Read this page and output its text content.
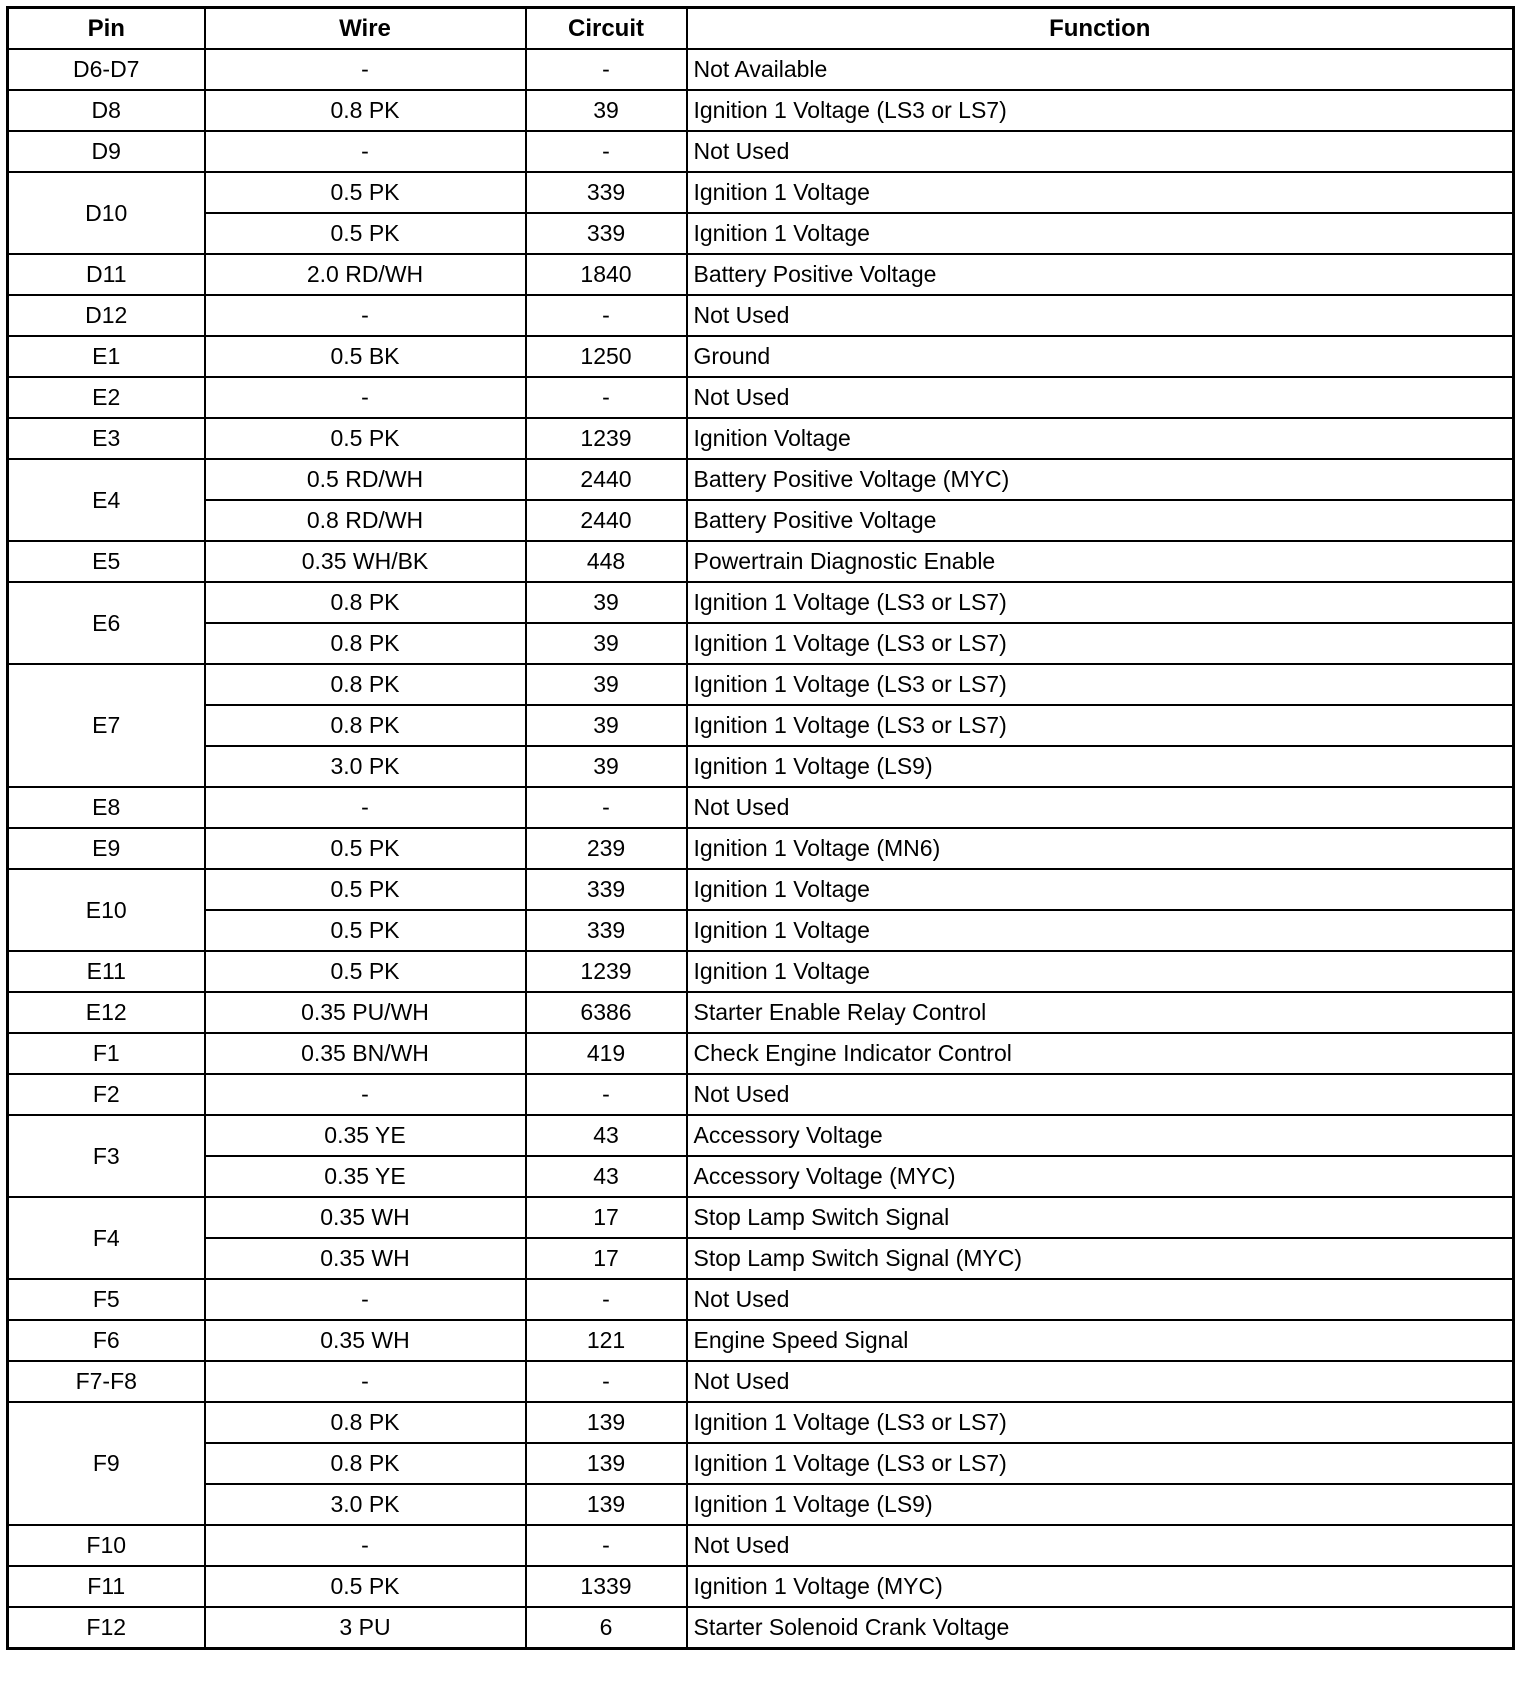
Pin	Wire	Circuit	Function
D6-D7	-	-	Not Available
D8	0.8 PK	39	Ignition 1 Voltage (LS3 or LS7)
D9	-	-	Not Used
D10	0.5 PK	339	Ignition 1 Voltage
	0.5 PK	339	Ignition 1 Voltage
D11	2.0 RD/WH	1840	Battery Positive Voltage
D12	-	-	Not Used
E1	0.5 BK	1250	Ground
E2	-	-	Not Used
E3	0.5 PK	1239	Ignition Voltage
E4	0.5 RD/WH	2440	Battery Positive Voltage (MYC)
	0.8 RD/WH	2440	Battery Positive Voltage
E5	0.35 WH/BK	448	Powertrain Diagnostic Enable
E6	0.8 PK	39	Ignition 1 Voltage (LS3 or LS7)
	0.8 PK	39	Ignition 1 Voltage (LS3 or LS7)
E7	0.8 PK	39	Ignition 1 Voltage (LS3 or LS7)
	0.8 PK	39	Ignition 1 Voltage (LS3 or LS7)
	3.0 PK	39	Ignition 1 Voltage (LS9)
E8	-	-	Not Used
E9	0.5 PK	239	Ignition 1 Voltage (MN6)
E10	0.5 PK	339	Ignition 1 Voltage
	0.5 PK	339	Ignition 1 Voltage
E11	0.5 PK	1239	Ignition 1 Voltage
E12	0.35 PU/WH	6386	Starter Enable Relay Control
F1	0.35 BN/WH	419	Check Engine Indicator Control
F2	-	-	Not Used
F3	0.35 YE	43	Accessory Voltage
	0.35 YE	43	Accessory Voltage (MYC)
F4	0.35 WH	17	Stop Lamp Switch Signal
	0.35 WH	17	Stop Lamp Switch Signal (MYC)
F5	-	-	Not Used
F6	0.35 WH	121	Engine Speed Signal
F7-F8	-	-	Not Used
F9	0.8 PK	139	Ignition 1 Voltage (LS3 or LS7)
	0.8 PK	139	Ignition 1 Voltage (LS3 or LS7)
	3.0 PK	139	Ignition 1 Voltage (LS9)
F10	-	-	Not Used
F11	0.5 PK	1339	Ignition 1 Voltage (MYC)
F12	3 PU	6	Starter Solenoid Crank Voltage
